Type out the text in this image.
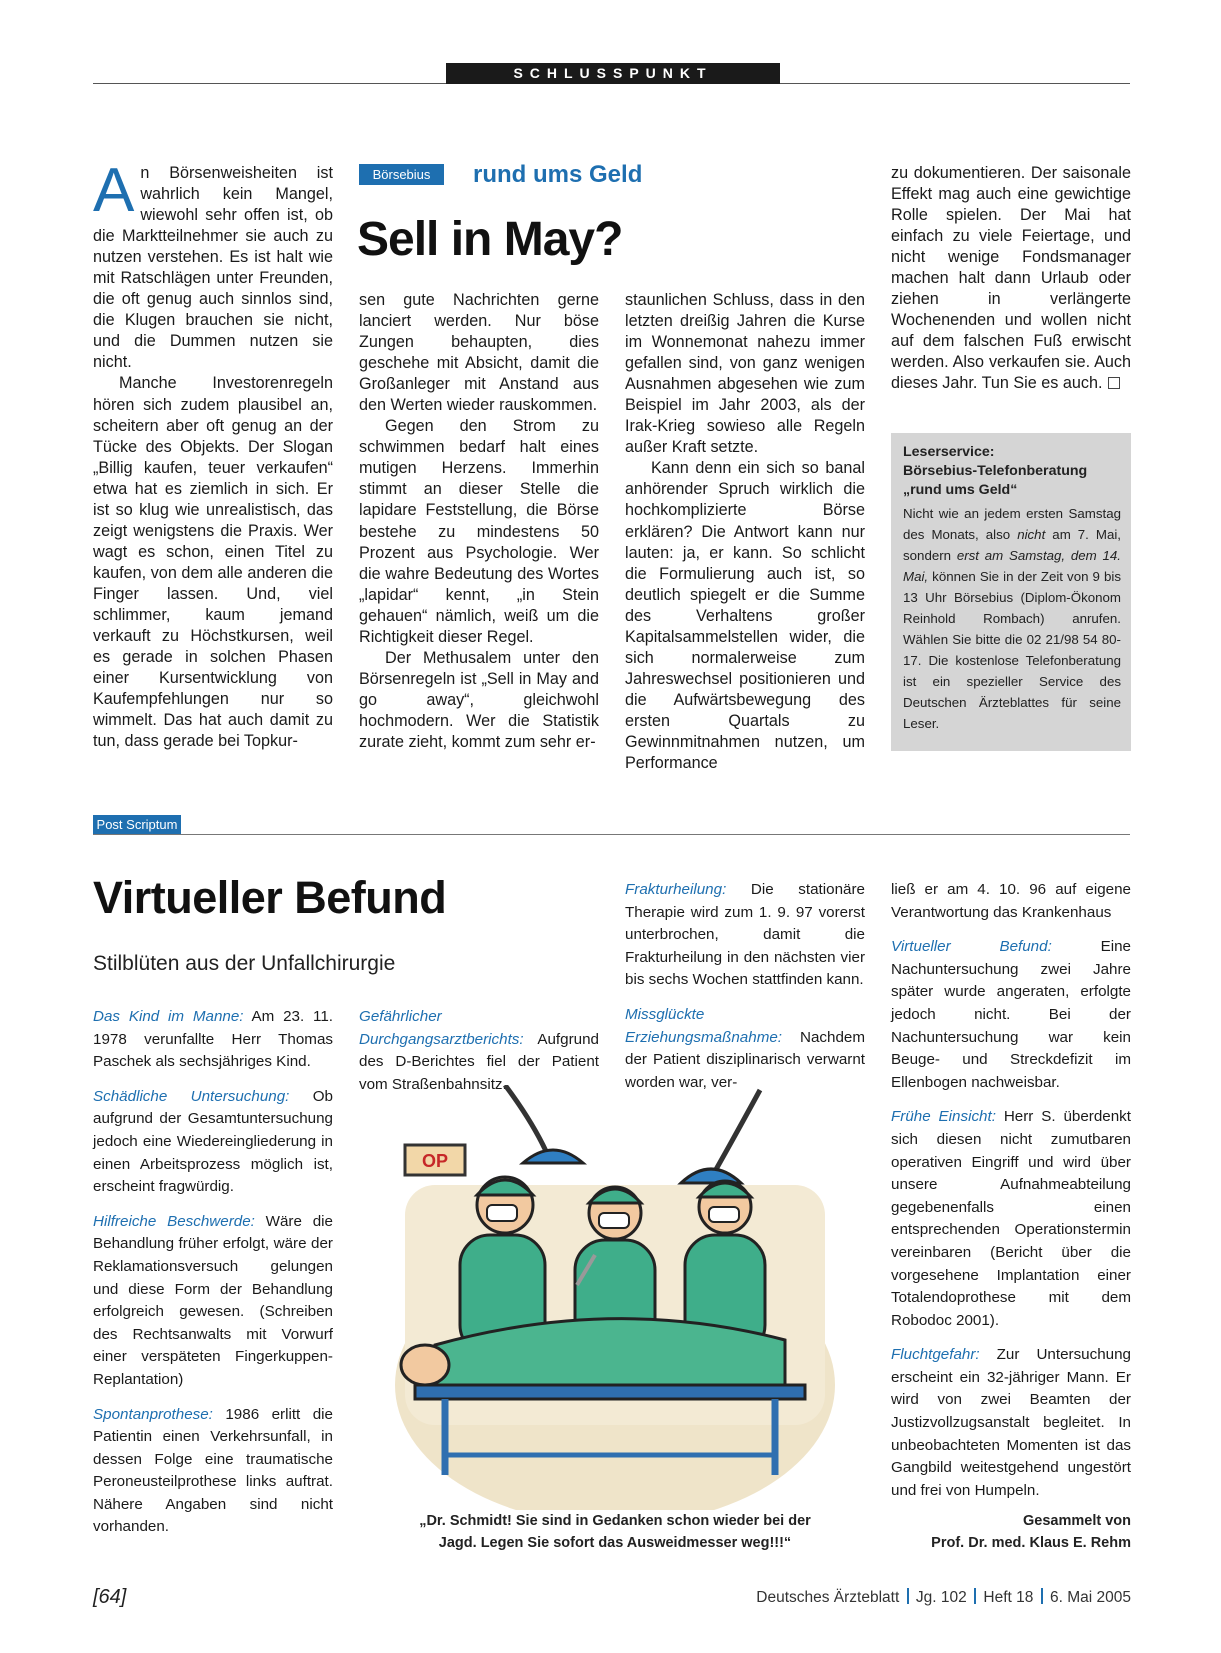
SCHLUSSPUNKT
Börsebius	rund ums Geld
Sell in May?

An Börsenweisheiten ist wahrlich kein Mangel, wiewohl sehr offen ist, ob die Marktteilnehmer sie auch zu nutzen verstehen. Es ist halt wie mit Ratschlägen unter Freunden, die oft genug auch sinnlos sind, die Klugen brauchen sie nicht, und die Dummen nutzen sie nicht.

Manche Investorenregeln hören sich zudem plausibel an, scheitern aber oft genug an der Tücke des Objekts. Der Slogan „Billig kaufen, teuer verkaufen“ etwa hat es ziemlich in sich. Er ist so klug wie unrealistisch, das zeigt wenigstens die Praxis. Wer wagt es schon, einen Titel zu kaufen, von dem alle anderen die Finger lassen. Und, viel schlimmer, kaum jemand verkauft zu Höchstkursen, weil es gerade in solchen Phasen einer Kursentwicklung von Kaufempfehlungen nur so wimmelt. Das hat auch damit zu tun, dass gerade bei Topkur-

sen gute Nachrichten gerne lanciert werden. Nur böse Zungen behaupten, dies geschehe mit Absicht, damit die Großanleger mit Anstand aus den Werten wieder rauskommen.

Gegen den Strom zu schwimmen bedarf halt eines mutigen Herzens. Immerhin stimmt an dieser Stelle die lapidare Feststellung, die Börse bestehe zu mindestens 50 Prozent aus Psychologie. Wer die wahre Bedeutung des Wortes „lapidar“ kennt, „in Stein gehauen“ nämlich, weiß um die Richtigkeit dieser Regel.

Der Methusalem unter den Börsenregeln ist „Sell in May and go away“, gleichwohl hochmodern. Wer die Statistik zurate zieht, kommt zum sehr er-

staunlichen Schluss, dass in den letzten dreißig Jahren die Kurse im Wonnemonat nahezu immer gefallen sind, von ganz wenigen Ausnahmen abgesehen wie zum Beispiel im Jahr 2003, als der Irak-Krieg sowieso alle Regeln außer Kraft setzte.

Kann denn ein sich so banal anhörender Spruch wirklich die hochkomplizierte Börse erklären? Die Antwort kann nur lauten: ja, er kann. So schlicht die Formulierung auch ist, so deutlich spiegelt er die Summe des Verhaltens großer Kapitalsammelstellen wider, die sich normalerweise zum Jahreswechsel positionieren und die Aufwärtsbewegung des ersten Quartals zu Gewinnmitnahmen nutzen, um Performance

zu dokumentieren. Der saisonale Effekt mag auch eine gewichtige Rolle spielen. Der Mai hat einfach zu viele Feiertage, und nicht wenige Fondsmanager machen halt dann Urlaub oder ziehen in verlängerte Wochenenden und wollen nicht auf dem falschen Fuß erwischt werden. Also verkaufen sie. Auch dieses Jahr. Tun Sie es auch.

Leserservice:
Börsebius-Telefonberatung
„rund ums Geld“
Nicht wie an jedem ersten Samstag des Monats, also nicht am 7. Mai, sondern erst am Samstag, dem 14. Mai, können Sie in der Zeit von 9 bis 13 Uhr Börsebius (Diplom-Ökonom Reinhold Rombach) anrufen. Wählen Sie bitte die 02 21/98 54 80-17. Die kostenlose Telefonberatung ist ein spezieller Service des Deutschen Ärzteblattes für seine Leser.
Post Scriptum
Virtueller Befund
Stilblüten aus der Unfallchirurgie

Das Kind im Manne: Am 23. 11. 1978 verunfallte Herr Thomas Paschek als sechsjähriges Kind.

Schädliche Untersuchung: Ob aufgrund der Gesamtuntersuchung jedoch eine Wiedereingliederung in einen Arbeitsprozess möglich ist, erscheint fragwürdig.

Hilfreiche Beschwerde: Wäre die Behandlung früher erfolgt, wäre der Reklamationsversuch gelungen und diese Form der Behandlung erfolgreich gewesen. (Schreiben des Rechtsanwalts mit Vorwurf einer verspäteten Fingerkuppen-Replantation)

Spontanprothese: 1986 erlitt die Patientin einen Verkehrsunfall, in dessen Folge eine traumatische Peroneusteilprothese links auftrat. Nähere Angaben sind nicht vorhanden.

Gefährlicher Durchgangsarztberichts: Aufgrund des D-Berichtes fiel der Patient vom Straßenbahnsitz.

Frakturheilung: Die stationäre Therapie wird zum 1. 9. 97 vorerst unterbrochen, damit die Frakturheilung in den nächsten vier bis sechs Wochen stattfinden kann.

Missglückte Erziehungsmaßnahme: Nachdem der Patient disziplinarisch verwarnt worden war, ver-

ließ er am 4. 10. 96 auf eigene Verantwortung das Krankenhaus

Virtueller Befund: Eine Nachuntersuchung zwei Jahre später wurde angeraten, erfolgte jedoch nicht. Bei der Nachuntersuchung war kein Beuge- und Streckdefizit im Ellenbogen nachweisbar.

Frühe Einsicht: Herr S. überdenkt sich diesen nicht zumutbaren operativen Eingriff und wird über unsere Aufnahmeabteilung gegebenenfalls einen entsprechenden Operationstermin vereinbaren (Bericht über die vorgesehene Implantation einer Totalendoprothese mit dem Robodoc 2001).

Fluchtgefahr: Zur Untersuchung erscheint ein 32-jähriger Mann. Er wird von zwei Beamten der Justizvollzugsanstalt begleitet. In unbeobachteten Momenten ist das Gangbild weitestgehend ungestört und frei von Humpeln.

OP
„Dr. Schmidt! Sie sind in Gedanken schon wieder bei der
Jagd. Legen Sie sofort das Ausweidmesser weg!!!“
Gesammelt von
Prof. Dr. med. Klaus E. Rehm
[64]	Deutsches Ärzteblatt Jg. 102 Heft 18 6. Mai 2005
